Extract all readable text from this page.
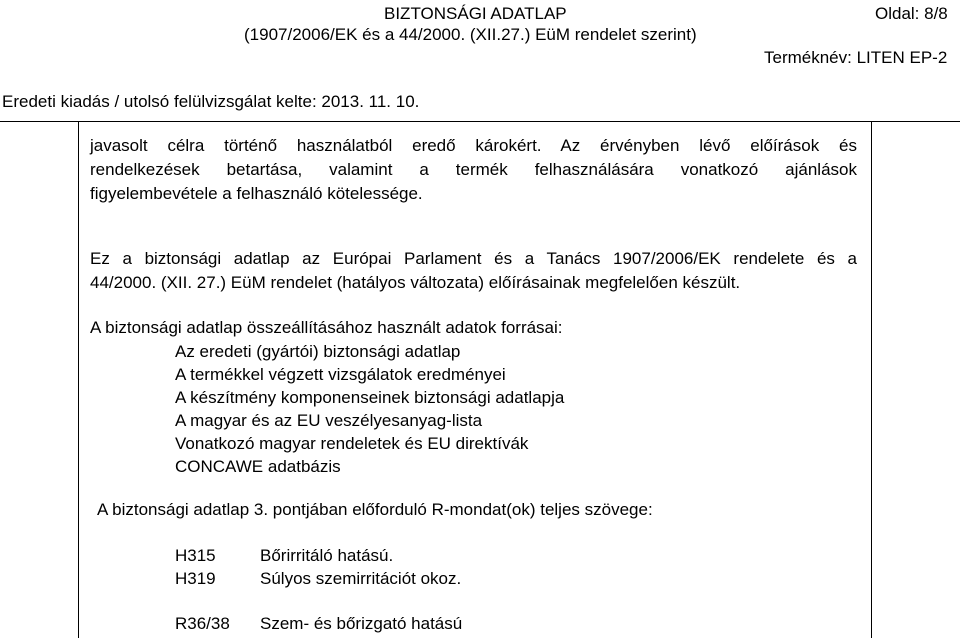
BIZTONSÁGI ADATLAP	Oldal: 8/8
(1907/2006/EK és a 44/2000. (XII.27.) EüM rendelet szerint)
Terméknév: LITEN EP-2
Eredeti kiadás / utolsó felülvizsgálat kelte: 2013. 11. 10.
javasolt célra történő használatból eredő károkért. Az érvényben lévő előírások és
rendelkezések betartása, valamint a termék felhasználására vonatkozó ajánlások
figyelembevétele a felhasználó kötelessége.
Ez a biztonsági adatlap az Európai Parlament és a Tanács 1907/2006/EK rendelete és a
44/2000. (XII. 27.) EüM rendelet (hatályos változata) előírásainak megfelelően készült.
A biztonsági adatlap összeállításához használt adatok forrásai:
Az eredeti (gyártói) biztonsági adatlap
A termékkel végzett vizsgálatok eredményei
A készítmény komponenseinek biztonsági adatlapja
A magyar és az EU veszélyesanyag-lista
Vonatkozó magyar rendeletek és EU direktívák
CONCAWE adatbázis
A biztonsági adatlap 3. pontjában előforduló R-mondat(ok) teljes szövege:
H315	Bőrirritáló hatású.
H319	Súlyos szemirritációt okoz.
R36/38 Szem- és bőrizgató hatású
